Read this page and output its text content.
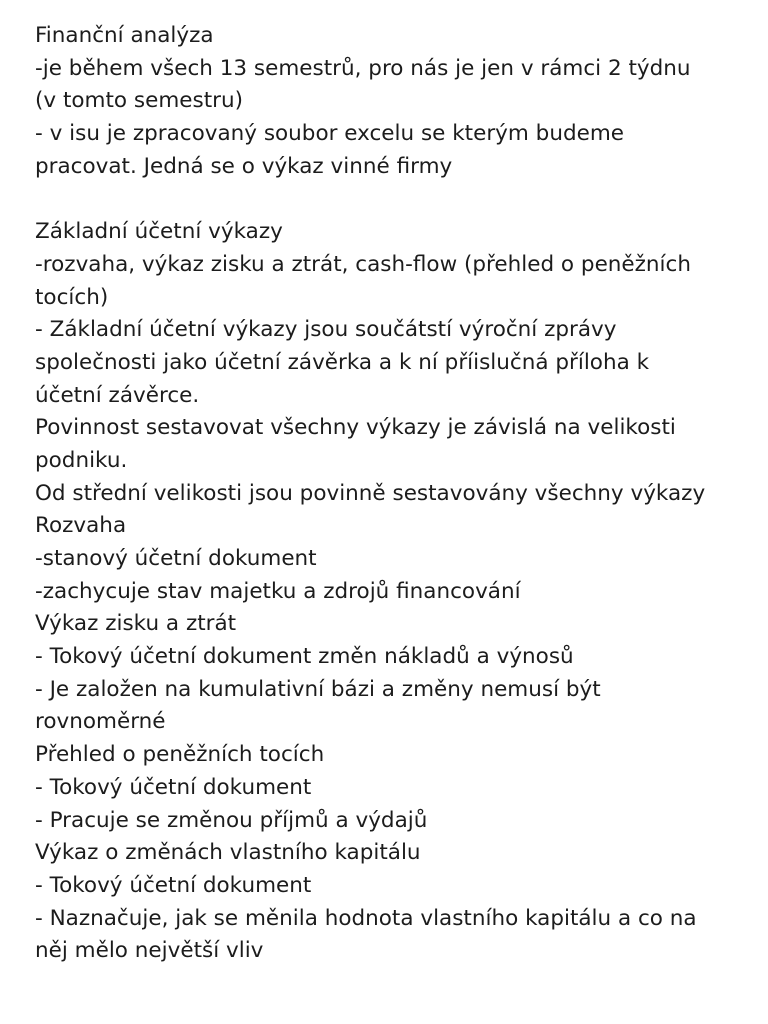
Finanční analýza
-je během všech 13 semestrů, pro nás je jen v rámci 2 týdnu
(v tomto semestru)
- v isu je zpracovaný soubor excelu se kterým budeme
pracovat. Jedná se o výkaz vinné firmy
Základní účetní výkazy
-rozvaha, výkaz zisku a ztrát, cash-flow (přehled o peněžních
tocích)
- Základní účetní výkazy jsou součátstí výroční zprávy
společnosti jako účetní závěrka a k ní příislučná příloha k
účetní závěrce.
Povinnost sestavovat všechny výkazy je závislá na velikosti
podniku.
Od střední velikosti jsou povinně sestavovány všechny výkazy
Rozvaha
-stanový účetní dokument
-zachycuje stav majetku a zdrojů financování
Výkaz zisku a ztrát
- Tokový účetní dokument změn nákladů a výnosů
- Je založen na kumulativní bázi a změny nemusí být
rovnoměrné
Přehled o peněžních tocích
- Tokový účetní dokument
- Pracuje se změnou příjmů a výdajů
Výkaz o změnách vlastního kapitálu
- Tokový účetní dokument
- Naznačuje, jak se měnila hodnota vlastního kapitálu a co na
něj mělo největší vliv
